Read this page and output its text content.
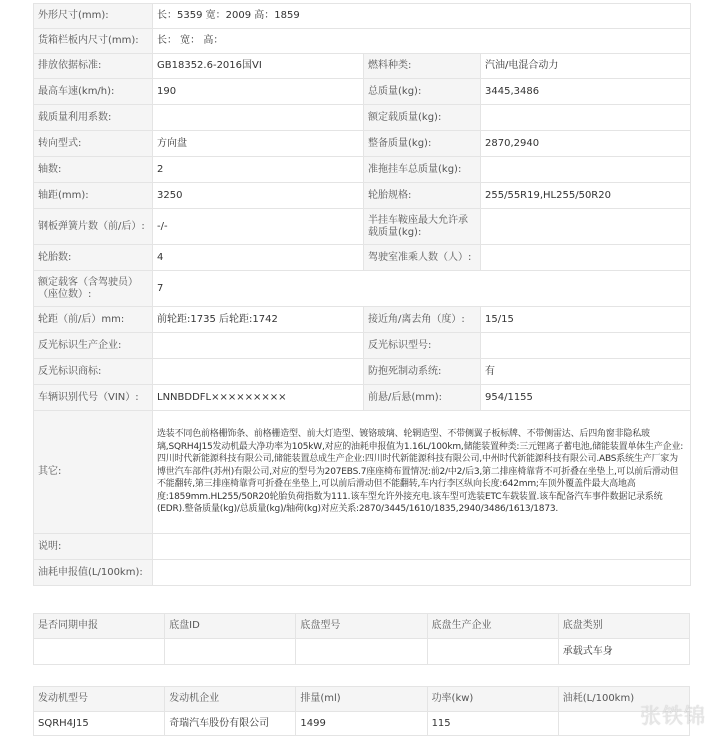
外形尺寸(mm):	长：5359 宽：2009 高：1859		
货箱栏板内尺寸(mm):	长： 宽： 高：		
排放依据标准:	GB18352.6-2016国VI	燃料种类:	汽油/电混合动力
最高车速(km/h):	190	总质量(kg):	3445,3486
载质量利用系数:		额定载质量(kg):	
转向型式:	方向盘	整备质量(kg):	2870,2940
轴数:	2	准拖挂车总质量(kg):	
轴距(mm):	3250	轮胎规格:	255/55R19,HL255/50R20
钢板弹簧片数（前/后）:	-/-	半挂车鞍座最大允许承载质量(kg):	
轮胎数:	4	驾驶室准乘人数（人）:	
额定载客（含驾驶员）（座位数）:	7		
轮距（前/后）mm:	前轮距:1735 后轮距:1742	接近角/离去角（度）:	15/15
反光标识生产企业:		反光标识型号:	
反光标识商标:		防抱死制动系统:	有
车辆识别代号（VIN）:	LNNBDDFL×××××××××	前悬/后悬(mm):	954/1155
其它:	选装不同色前格栅饰条、前格栅造型、前大灯造型、镀铬玻璃、轮辋造型、不带侧翼子板标牌、不带侧雷达、后四角窗非隐私玻璃,SQRH4J15发动机最大净功率为105kW,对应的油耗申报值为1.16L/100km,储能装置种类:三元锂离子蓄电池,储能装置单体生产企业:四川时代新能源科技有限公司,储能装置总成生产企业:四川时代新能源科技有限公司,中州时代新能源科技有限公司.ABS系统生产厂家为博世汽车部件(苏州)有限公司,对应的型号为207EBS.7座座椅布置情况:前2/中2/后3,第二排座椅靠背不可折叠在坐垫上,可以前后滑动但不能翻转,第三排座椅靠背可折叠在坐垫上,可以前后滑动但不能翻转,车内行李区纵向长度:642mm;车顶外覆盖件最大高地高度:1859mm.HL255/50R20轮胎负荷指数为111.该车型允许外接充电.该车型可选装ETC车载装置.该车配备汽车事件数据记录系统(EDR).整备质量(kg)/总质量(kg)/轴荷(kg)对应关系:2870/3445/1610/1835,2940/3486/1613/1873.		
说明:			
油耗申报值(L/100km):			
是否同期申报	底盘ID	底盘型号	底盘生产企业	底盘类别
				承载式车身
发动机型号	发动机企业	排量(ml)	功率(kw)	油耗(L/100km)
SQRH4J15	奇瑞汽车股份有限公司	1499	115		张铁锦
